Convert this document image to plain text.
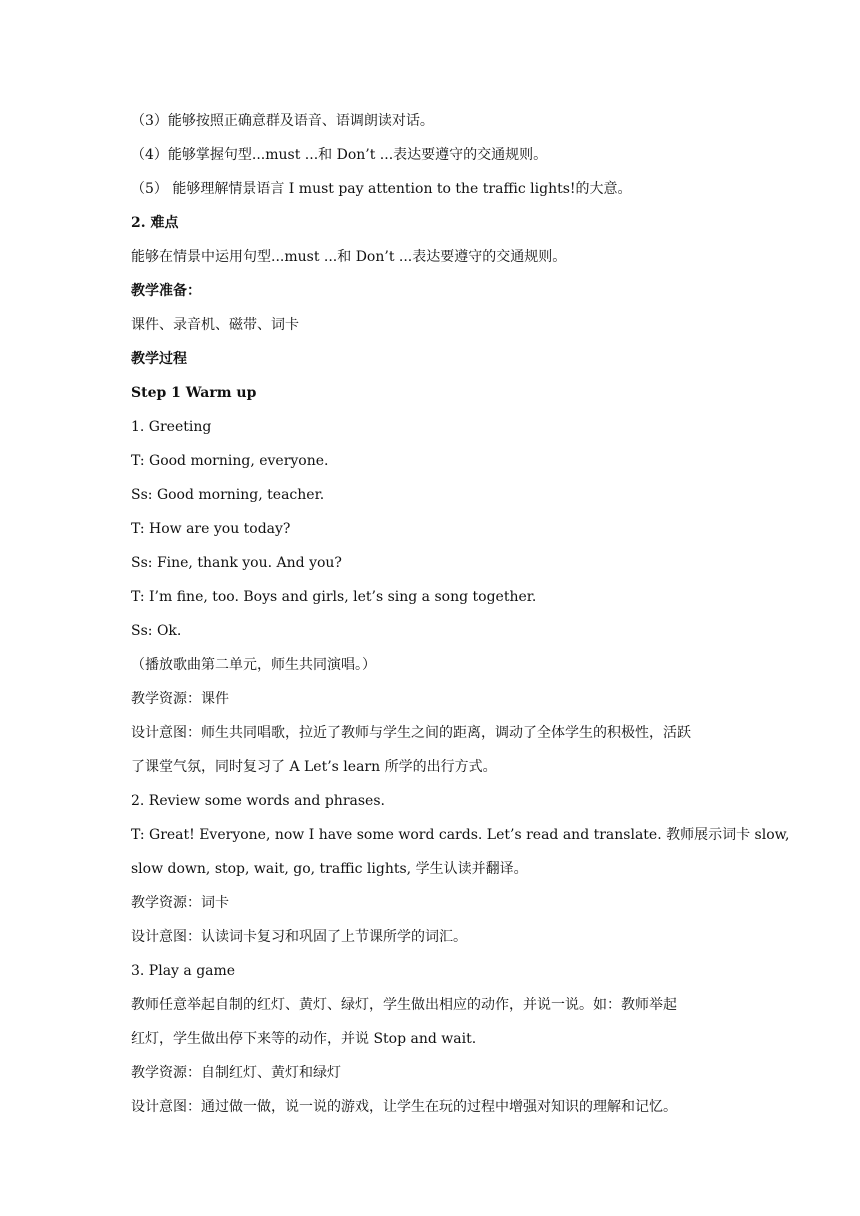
（3）能够按照正确意群及语音、语调朗读对话。
（4）能够掌握句型...must ...和 Don’t ...表达要遵守的交通规则。
（5） 能够理解情景语言 I must pay attention to the traffic lights!的大意。
2. 难点
能够在情景中运用句型...must ...和 Don’t ...表达要遵守的交通规则。
教学准备：
课件、录音机、磁带、词卡
教学过程
Step 1 Warm up
1. Greeting
T: Good morning, everyone.
Ss: Good morning, teacher.
T: How are you today?
Ss: Fine, thank you. And you?
T: I’m fine, too. Boys and girls, let’s sing a song together.
Ss: Ok.
（播放歌曲第二单元，师生共同演唱。）
教学资源：课件
设计意图：师生共同唱歌，拉近了教师与学生之间的距离，调动了全体学生的积极性，活跃
了课堂气氛，同时复习了 A Let’s learn 所学的出行方式。
2. Review some words and phrases.
T: Great! Everyone, now I have some word cards. Let’s read and translate. 教师展示词卡 slow,
slow down, stop, wait, go, traffic lights, 学生认读并翻译。
教学资源：词卡
设计意图：认读词卡复习和巩固了上节课所学的词汇。
3. Play a game
教师任意举起自制的红灯、黄灯、绿灯，学生做出相应的动作，并说一说。如：教师举起
红灯，学生做出停下来等的动作，并说 Stop and wait.
教学资源：自制红灯、黄灯和绿灯
设计意图：通过做一做，说一说的游戏，让学生在玩的过程中增强对知识的理解和记忆。
